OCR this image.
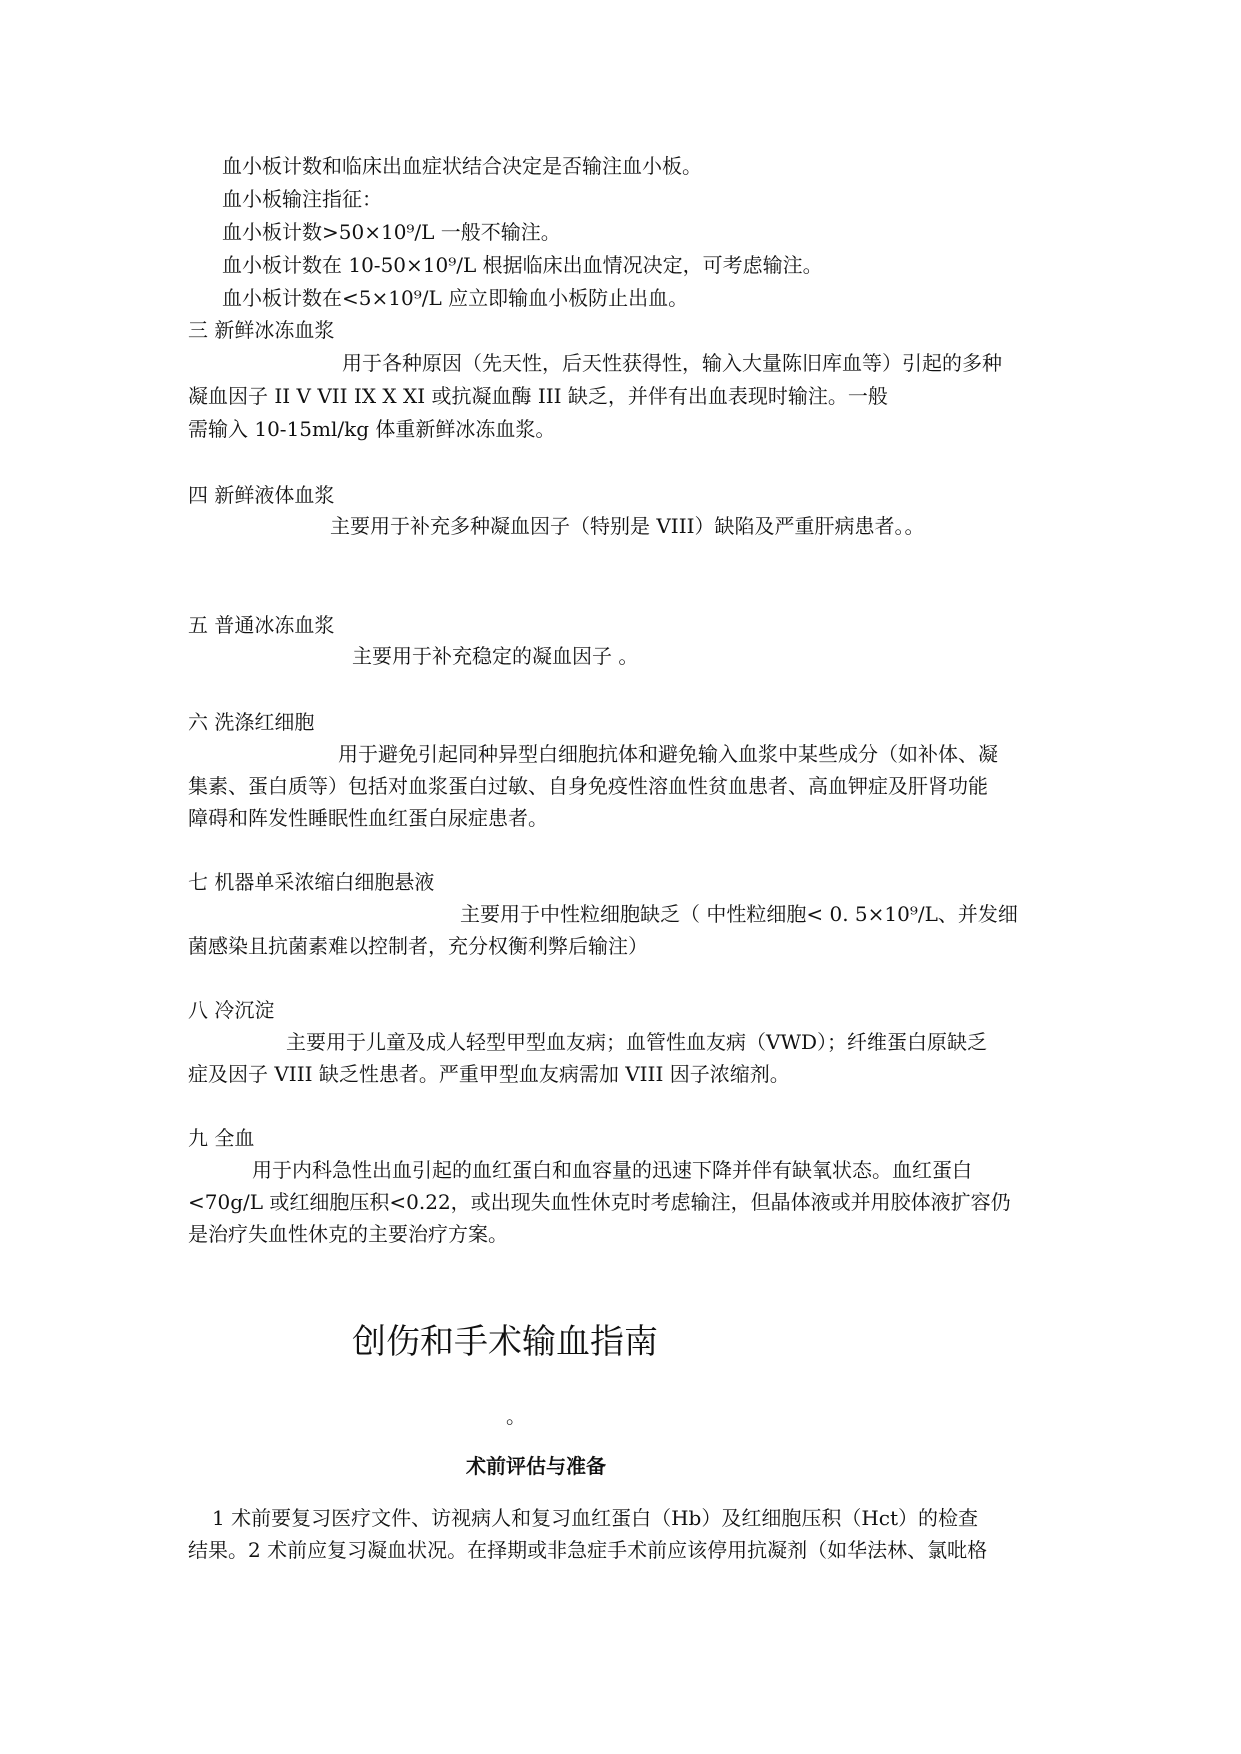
血小板计数和临床出血症状结合决定是否输注血小板。

血小板输注指征：

血小板计数>50×10⁹/L 一般不输注。

血小板计数在 10-50×10⁹/L 根据临床出血情况决定，可考虑输注。

血小板计数在<5×10⁹/L 应立即输血小板防止出血。

三 新鲜冰冻血浆

用于各种原因（先天性，后天性获得性，输入大量陈旧库血等）引起的多种

凝血因子 II V VII IX X XI 或抗凝血酶 III 缺乏，并伴有出血表现时输注。一般

需输入 10-15ml/kg 体重新鲜冰冻血浆。

四 新鲜液体血浆

主要用于补充多种凝血因子（特别是 VIII）缺陷及严重肝病患者。。

五 普通冰冻血浆

主要用于补充稳定的凝血因子 。

六 洗涤红细胞

用于避免引起同种异型白细胞抗体和避免输入血浆中某些成分（如补体、凝

集素、蛋白质等）包括对血浆蛋白过敏、自身免疫性溶血性贫血患者、高血钾症及肝肾功能

障碍和阵发性睡眠性血红蛋白尿症患者。

七 机器单采浓缩白细胞悬液

主要用于中性粒细胞缺乏（ 中性粒细胞< 0. 5×10⁹/L、并发细

菌感染且抗菌素难以控制者，充分权衡利弊后输注）

八 冷沉淀

主要用于儿童及成人轻型甲型血友病；血管性血友病（VWD）；纤维蛋白原缺乏

症及因子 VIII 缺乏性患者。严重甲型血友病需加 VIII 因子浓缩剂。

九 全血

用于内科急性出血引起的血红蛋白和血容量的迅速下降并伴有缺氧状态。血红蛋白

<70g/L 或红细胞压积<0.22，或出现失血性休克时考虑输注，但晶体液或并用胶体液扩容仍

是治疗失血性休克的主要治疗方案。

创伤和手术输血指南

。

术前评估与准备

1 术前要复习医疗文件、访视病人和复习血红蛋白（Hb）及红细胞压积（Hct）的检查

结果。2 术前应复习凝血状况。在择期或非急症手术前应该停用抗凝剂（如华法林、氯吡格
